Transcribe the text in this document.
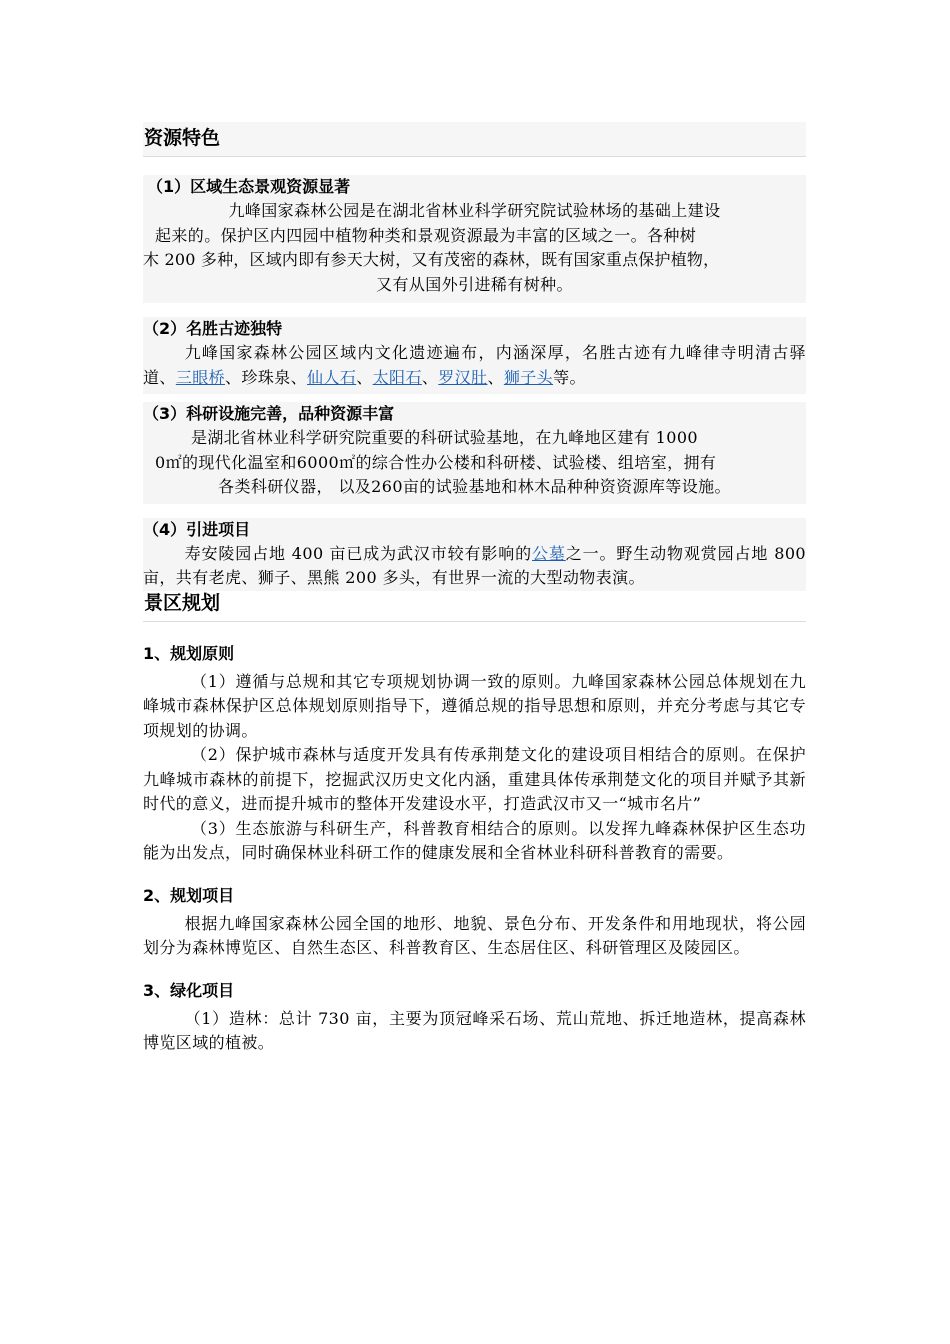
资源特色
（1）区域生态景观资源显著

九峰国家森林公园是在湖北省林业科学研究院试验林场的基础上建设

起来的。保护区内四园中植物种类和景观资源最为丰富的区域之一。各种树

木 200 多种，区域内即有参天大树，又有茂密的森林，既有国家重点保护植物，

又有从国外引进稀有树种。

（2）名胜古迹独特

九峰国家森林公园区域内文化遗迹遍布，内涵深厚，名胜古迹有九峰律寺明清古驿道、三眼桥、珍珠泉、仙人石、太阳石、罗汉肚、狮子头等。

（3）科研设施完善，品种资源丰富

是湖北省林业科学研究院重要的科研试验基地，在九峰地区建有 1000

0㎡的现代化温室和6000㎡的综合性办公楼和科研楼、试验楼、组培室，拥有

各类科研仪器， 以及260亩的试验基地和林木品种种资资源库等设施。

（4）引进项目

寿安陵园占地 400 亩已成为武汉市较有影响的公墓之一。野生动物观赏园占地 800 亩，共有老虎、狮子、黑熊 200 多头，有世界一流的大型动物表演。

景区规划
1、规划原则

（1）遵循与总规和其它专项规划协调一致的原则。九峰国家森林公园总体规划在九峰城市森林保护区总体规划原则指导下，遵循总规的指导思想和原则，并充分考虑与其它专项规划的协调。

（2）保护城市森林与适度开发具有传承荆楚文化的建设项目相结合的原则。在保护九峰城市森林的前提下，挖掘武汉历史文化内涵，重建具体传承荆楚文化的项目并赋予其新时代的意义，进而提升城市的整体开发建设水平，打造武汉市又一“城市名片”

（3）生态旅游与科研生产，科普教育相结合的原则。以发挥九峰森林保护区生态功能为出发点，同时确保林业科研工作的健康发展和全省林业科研科普教育的需要。

2、规划项目

根据九峰国家森林公园全国的地形、地貌、景色分布、开发条件和用地现状，将公园划分为森林博览区、自然生态区、科普教育区、生态居住区、科研管理区及陵园区。

3、绿化项目

（1）造林：总计 730 亩，主要为顶冠峰采石场、荒山荒地、拆迁地造林，提高森林博览区域的植被。
